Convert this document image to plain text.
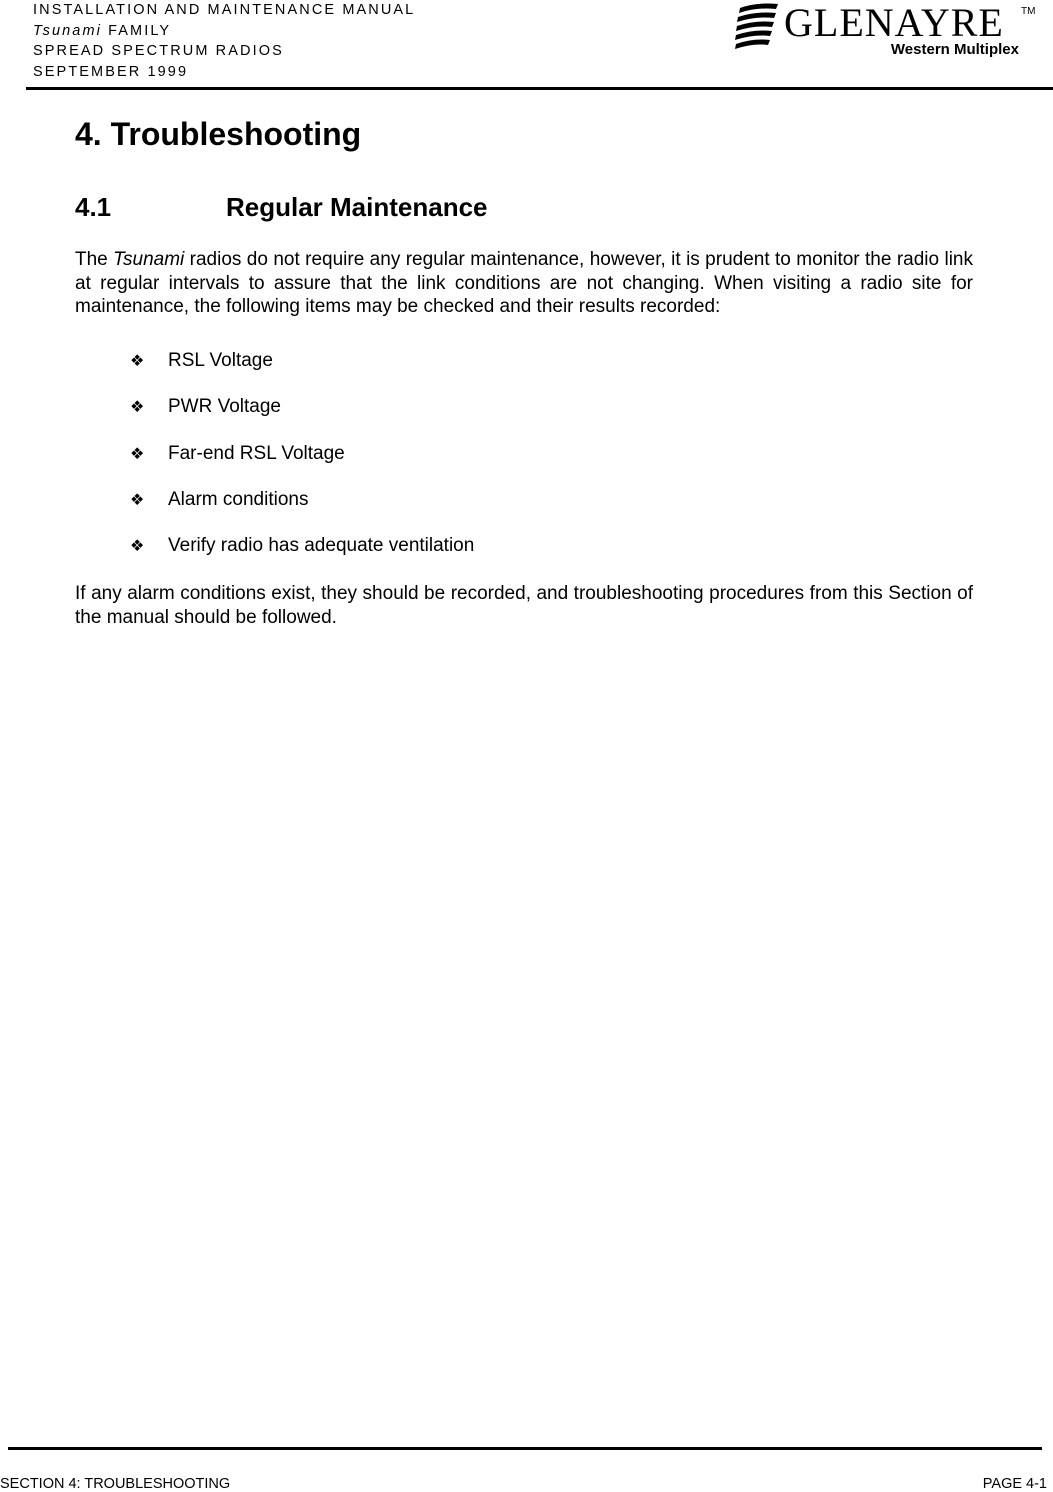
INSTALLATION AND MAINTENANCE MANUAL
Tsunami FAMILY
SPREAD SPECTRUM RADIOS
SEPTEMBER 1999
GLENAYRE TM
Western Multiplex
4. Troubleshooting
4.1	Regular Maintenance

The Tsunami radios do not require any regular maintenance, however, it is prudent to monitor the radio link at regular intervals to assure that the link conditions are not changing. When visiting a radio site for maintenance, the following items may be checked and their results recorded:

❖ RSL Voltage
❖ PWR Voltage
❖ Far-end RSL Voltage
❖ Alarm conditions
❖ Verify radio has adequate ventilation

If any alarm conditions exist, they should be recorded, and troubleshooting procedures from this Section of the manual should be followed.

SECTION 4: TROUBLESHOOTING	PAGE 4-1
